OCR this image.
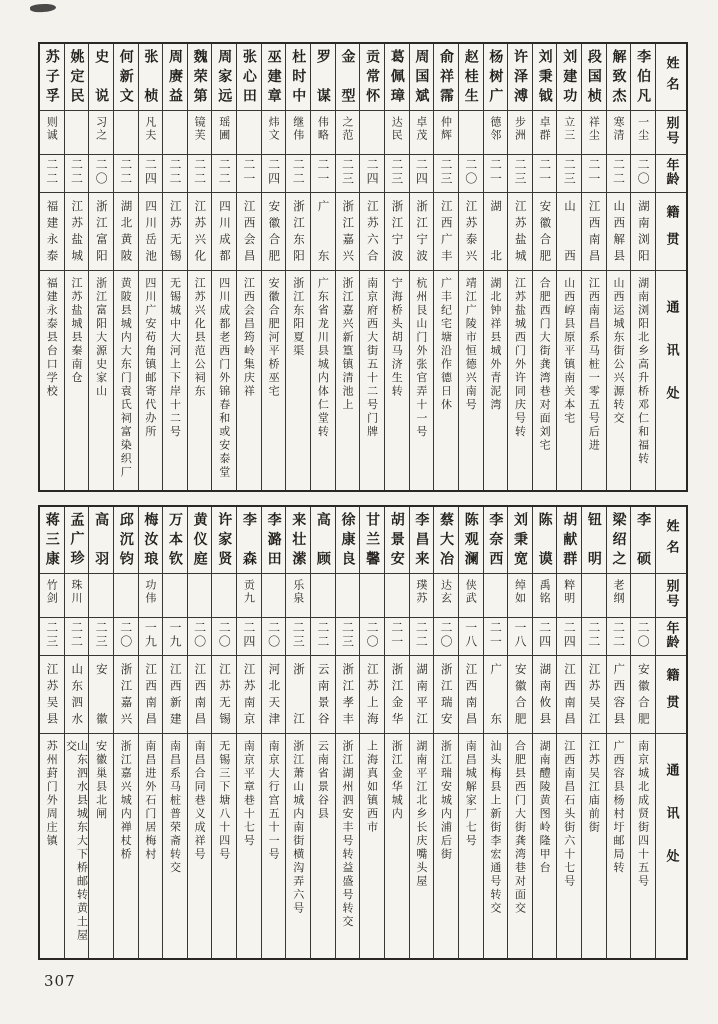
姓名
别号
年龄
籍贯
通讯处
李伯凡
一尘
二〇
湖南浏阳
湖南浏阳北乡高升桥邓仁和福转
解致杰
寒清
二二
山西解县
山西运城东街公兴源转交
段国桢
祥尘
二一
江西南昌
江西南昌系马桩一零五号后进
刘建功
立三
二三
山西
山西崞县原平镇南关本宅
刘秉钺
卓群
二一
安徽合肥
合肥西门大街龚湾巷对面刘宅
许泽溥
步洲
二三
江苏盐城
江苏盐城西门外许同庆号转
杨树广
德邻
二一
湖北
湖北钟祥县城外青泥湾
赵桂生
二〇
江苏泰兴
靖江广陵市恒德兴南号
俞祥霈
仲辉
二三
江西广丰
广丰纪宅塘沿作德日休
周国斌
卓茂
二四
浙江宁波
杭州艮山门外张官弄十一号
葛佩璋
达民
二三
浙江宁波
宁海桥头胡马济生转
贡常怀
二四
江苏六合
南京府西大街五十二号门牌
金型
之范
二三
浙江嘉兴
浙江嘉兴新篁镇清池上
罗谋
伟略
二一
广东
广东省龙川县城内体仁堂转
杜时中
继伟
二二
浙江东阳
浙江东阳夏渠
巫建章
炜文
二四
安徽合肥
安徽合肥河平桥巫宅
张心田
二一
江西会昌
江西会昌筠岭集庆祥
周家远
瑶圃
二二
四川成都
四川成都老西门外锦春和或安泰堂
魏荣第
镜芙
二二
江苏兴化
江苏兴化县范公祠东
周赓益
二二
江苏无锡
无锡城中大河上下岸十二号
张桢
凡夫
二四
四川岳池
四川广安苟角镇邮寄代办所
何新文
二二
湖北黄陂
黄陂县城内大东门袁氏祠富染织厂
史说
习之
二〇
浙江富阳
浙江富阳大源史家山
姚定民
二二
江苏盐城
江苏盐城县秦南仓
苏子孚
则诚
二二
福建永泰
福建永泰县台口学校
姓名
别号
年龄
籍贯
通讯处
李硕
二〇
安徽合肥
南京城北成贤街四十五号
梁绍之
老纲
二二
广西容县
广西容县杨村圩邮局转
钮明
二二
江苏吴江
江苏吴江庙前街
胡献群
粹明
二四
江西南昌
江西南昌石头街六十七号
陈谟
禹铭
二四
湖南攸县
湖南醴陵黄图岭隆甲台
刘秉宽
绰如
一八
安徽合肥
合肥县西门大街龚湾巷对面交
李奈西
二一
广东
汕头梅县上新街李宏通号转交
陈观澜
侠武
一八
江西南昌
南昌城解家厂七号
蔡大冶
达玄
二〇
浙江瑞安
浙江瑞安城内浦后街
李昌来
璞苏
二二
湖南平江
湖南平江北乡长庆嘴头屋
胡景安
二一
浙江金华
浙江金华城内
甘兰馨
二〇
江苏上海
上海真如镇西市
徐康良
二三
浙江孝丰
浙江湖州泗安丰号转益盛号转交
高顾
二二
云南景谷
云南省景谷县
来壮潆
乐泉
二三
浙江
浙江萧山城内南街横沟弄六号
李潞田
二〇
河北天津
南京大行宫五十一号
李森
贡九
二四
江苏南京
南京平章巷十七号
许家贤
二〇
江苏无锡
无锡三下塘八十四号
黄仪庭
二〇
江西南昌
南昌合同巷义成祥号
万本钦
一九
江西新建
南昌系马桩普荣斋转交
梅汝琅
功伟
一九
江西南昌
南昌进外石门居梅村
邱沉钧
二〇
浙江嘉兴
浙江嘉兴城内禅杖桥
高羽
二三
安徽
安徽巢县北闸
孟广珍
珠川
二二
山东泗水
山东泗水县城东大下桥邮转黄土屋交
蒋三康
竹剑
二三
江苏吴县
苏州葑门外周庄镇
307
